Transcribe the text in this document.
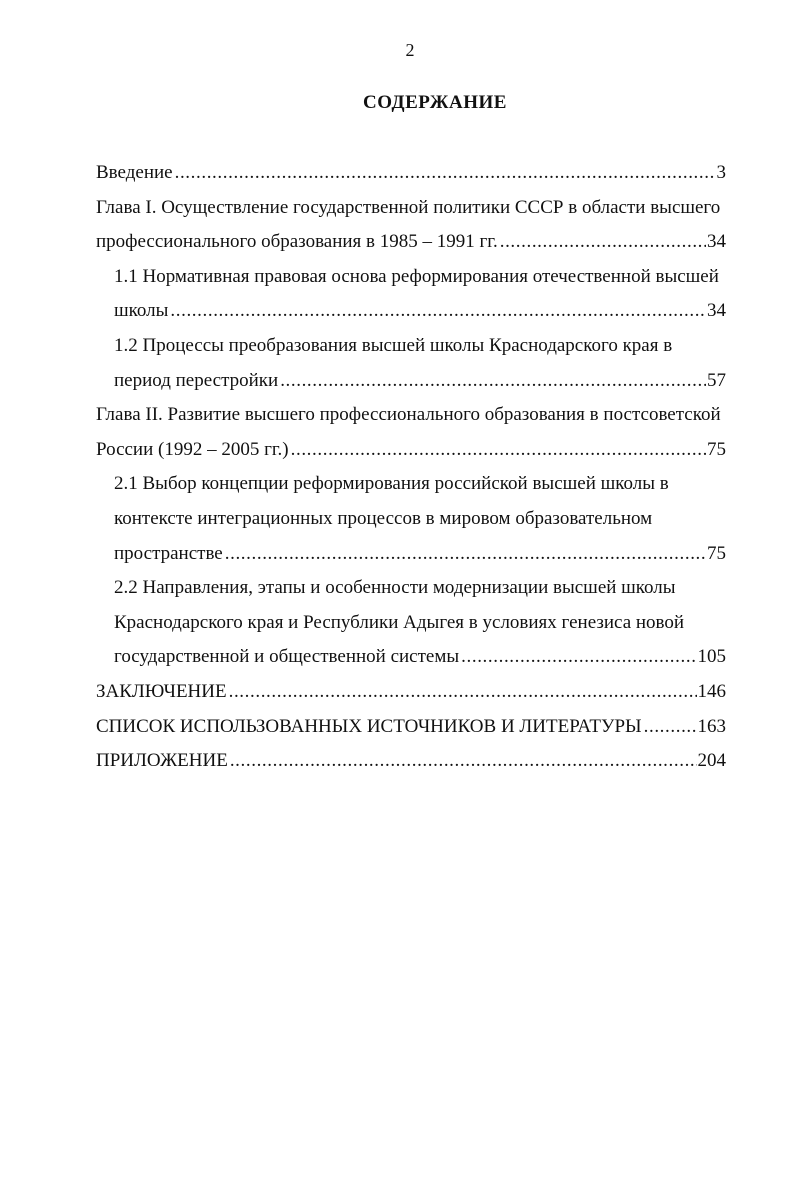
2
СОДЕРЖАНИЕ
Введение .....	3
Глава I. Осуществление государственной политики СССР в области высшего
профессионального образования в 1985 – 1991 гг. .....	34
1.1 Нормативная правовая основа реформирования отечественной высшей
школы .....	34
1.2 Процессы преобразования высшей школы Краснодарского края в
период перестройки .....	57
Глава II. Развитие высшего профессионального образования в постсоветской
России (1992 – 2005 гг.) .....	75
2.1 Выбор концепции реформирования российской высшей школы в
контексте интеграционных процессов в мировом образовательном
пространстве .....	75
2.2 Направления, этапы и особенности модернизации высшей школы
Краснодарского края и Республики Адыгея в условиях генезиса новой
государственной и общественной системы .....	105
ЗАКЛЮЧЕНИЕ .....	146
СПИСОК ИСПОЛЬЗОВАННЫХ ИСТОЧНИКОВ И ЛИТЕРАТУРЫ .....	163
ПРИЛОЖЕНИЕ .....	204
